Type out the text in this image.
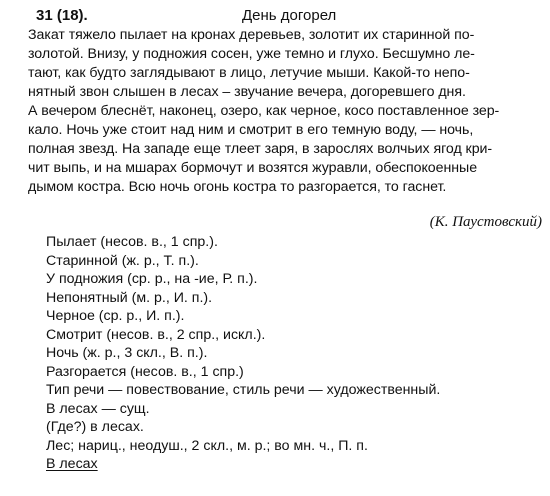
31 (18).	День догорел
Закат тяжело пылает на кронах деревьев, золотит их старинной по-
золотой. Внизу, у подножия сосен, уже темно и глухо. Бесшумно ле-
тают, как будто заглядывают в лицо, летучие мыши. Какой-то непо-
нятный звон слышен в лесах – звучание вечера, догоревшего дня.
А вечером блеснёт, наконец, озеро, как черное, косо поставленное зер-
кало. Ночь уже стоит над ним и смотрит в его темную воду, — ночь,
полная звезд. На западе еще тлеет заря, в зарослях волчьих ягод кри-
чит выпь, и на мшарах бормочут и возятся журавли, обеспокоенные
дымом костра. Всю ночь огонь костра то разгорается, то гаснет.
(К. Паустовский)
Пылает (несов. в., 1 спр.).
Старинной (ж. р., Т. п.).
У подножия (ср. р., на -ие, Р. п.).
Непонятный (м. р., И. п.).
Черное (ср. р., И. п.).
Смотрит (несов. в., 2 спр., искл.).
Ночь (ж. р., 3 скл., В. п.).
Разгорается (несов. в., 1 спр.)
Тип речи — повествование, стиль речи — художественный.
В лесах — сущ.
(Где?) в лесах.
Лес; нариц., неодуш., 2 скл., м. р.; во мн. ч., П. п.
В лесах
